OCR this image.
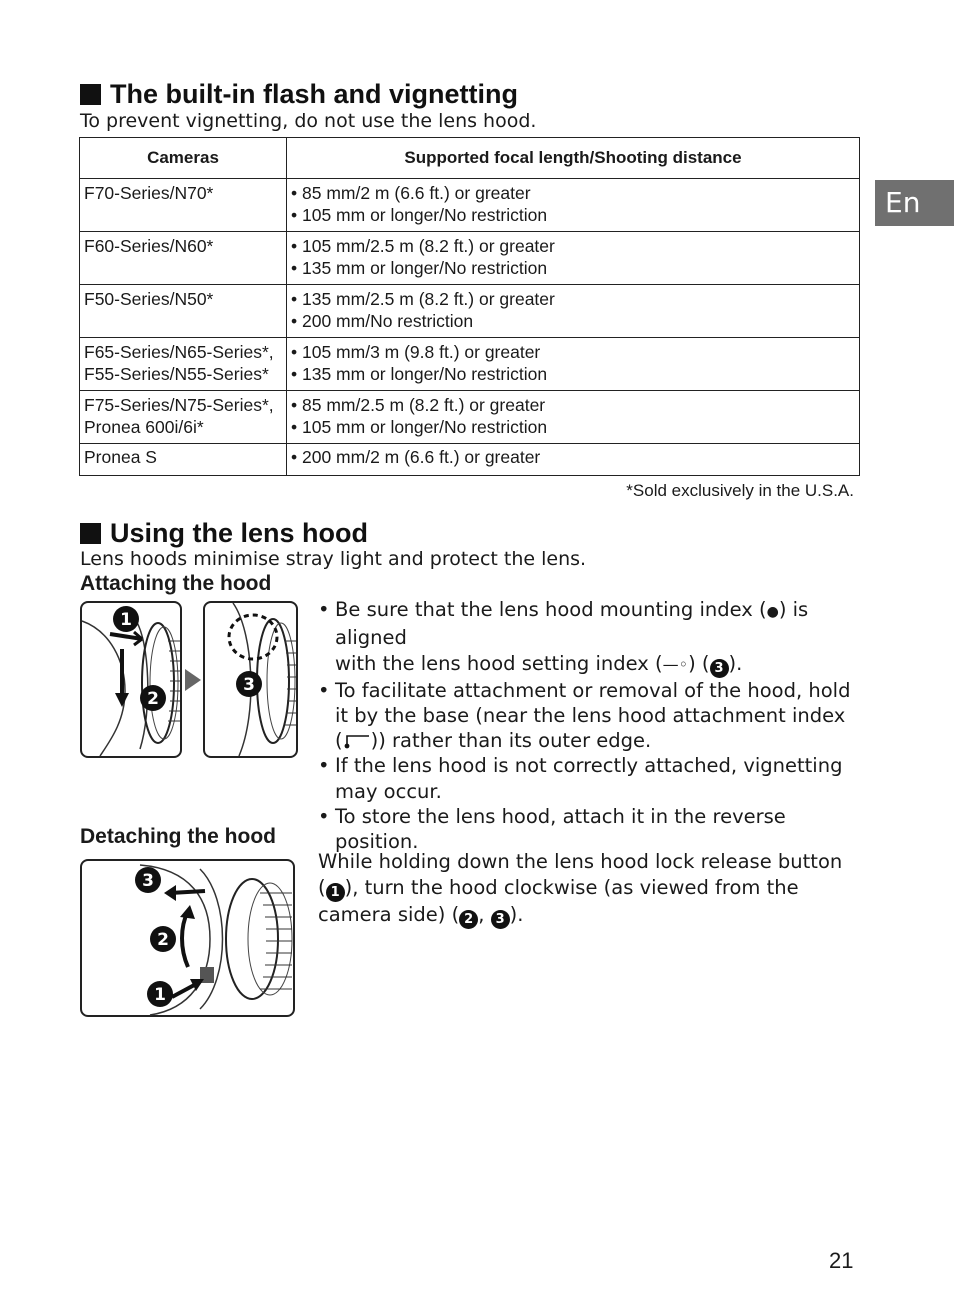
The built-in flash and vignetting
To prevent vignetting, do not use the lens hood.
En
Cameras	Supported focal length/Shooting distance

F70-Series/N70*	• 85 mm/2 m (6.6 ft.) or greater
• 105 mm or longer/No restriction

F60-Series/N60*	• 105 mm/2.5 m (8.2 ft.) or greater
• 135 mm or longer/No restriction

F50-Series/N50*	• 135 mm/2.5 m (8.2 ft.) or greater
• 200 mm/No restriction

F65-Series/N65-Series*,
F55-Series/N55-Series*	• 105 mm/3 m (9.8 ft.) or greater
• 135 mm or longer/No restriction

F75-Series/N75-Series*,
Pronea 600i/6i*	• 85 mm/2.5 m (8.2 ft.) or greater
• 105 mm or longer/No restriction

Pronea S	• 200 mm/2 m (6.6 ft.) or greater
*Sold exclusively in the U.S.A.
Using the lens hood
Lens hoods minimise stray light and protect the lens.
Attaching the hood
1
2
3
• Be sure that the lens hood mounting index (●) is aligned
with the lens hood setting index (—◦) ( 3 ).
• To facilitate attachment or removal of the hood, hold
it by the base (near the lens hood attachment index
( )) rather than its outer edge.
• If the lens hood is not correctly attached, vignetting
may occur.
• To store the lens hood, attach it in the reverse
position.
Detaching the hood
3
2
1
While holding down the lens hood lock release button
( 1 ), turn the hood clockwise (as viewed from the
camera side) ( 2 , 3 ).
21
